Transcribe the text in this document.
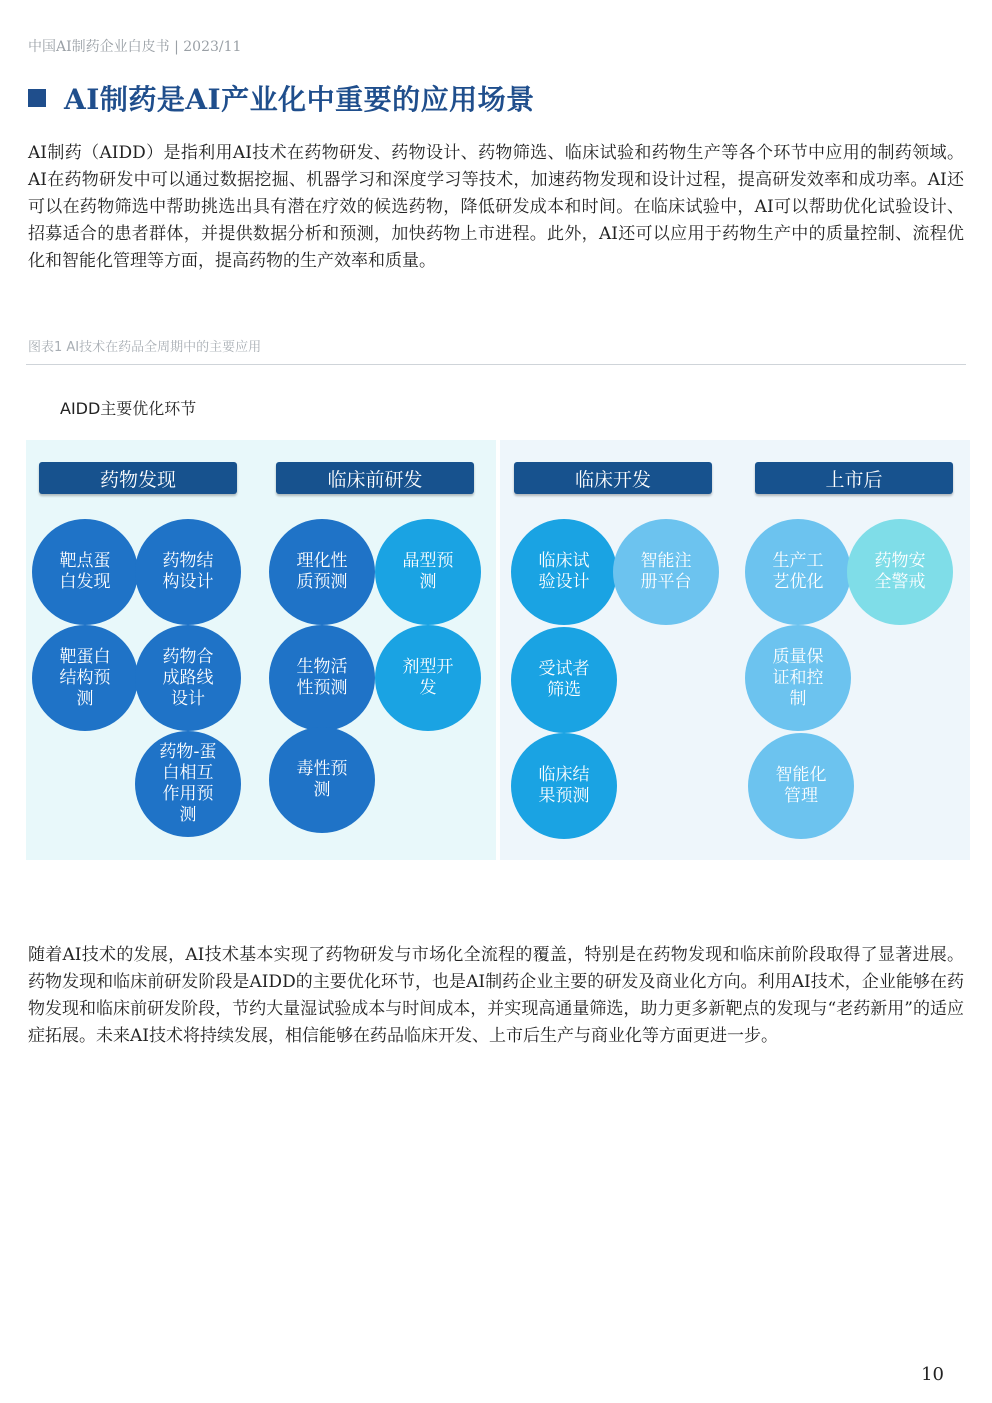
中国AI制药企业白皮书 | 2023/11
AI制药是AI产业化中重要的应用场景

AI制药（AIDD）是指利用AI技术在药物研发、药物设计、药物筛选、临床试验和药物生产等各个环节中应用的制药领域。AI在药物研发中可以通过数据挖掘、机器学习和深度学习等技术，加速药物发现和设计过程，提高研发效率和成功率。AI还可以在药物筛选中帮助挑选出具有潜在疗效的候选药物，降低研发成本和时间。在临床试验中，AI可以帮助优化试验设计、招募适合的患者群体，并提供数据分析和预测，加快药物上市进程。此外，AI还可以应用于药物生产中的质量控制、流程优化和智能化管理等方面，提高药物的生产效率和质量。

图表1 AI技术在药品全周期中的主要应用
AIDD主要优化环节
药物发现	临床前研发	临床开发	上市后
靶点蛋白发现
药物结构设计
靶蛋白结构预测
药物合成路线设计
药物-蛋白相互作用预测
理化性质预测
晶型预测
生物活性预测
剂型开发
毒性预测
临床试验设计
智能注册平台
受试者筛选
临床结果预测
生产工艺优化
药物安全警戒
质量保证和控制
智能化管理

随着AI技术的发展，AI技术基本实现了药物研发与市场化全流程的覆盖，特别是在药物发现和临床前阶段取得了显著进展。药物发现和临床前研发阶段是AIDD的主要优化环节，也是AI制药企业主要的研发及商业化方向。利用AI技术，企业能够在药物发现和临床前研发阶段，节约大量湿试验成本与时间成本，并实现高通量筛选，助力更多新靶点的发现与“老药新用”的适应症拓展。未来AI技术将持续发展，相信能够在药品临床开发、上市后生产与商业化等方面更进一步。

10
